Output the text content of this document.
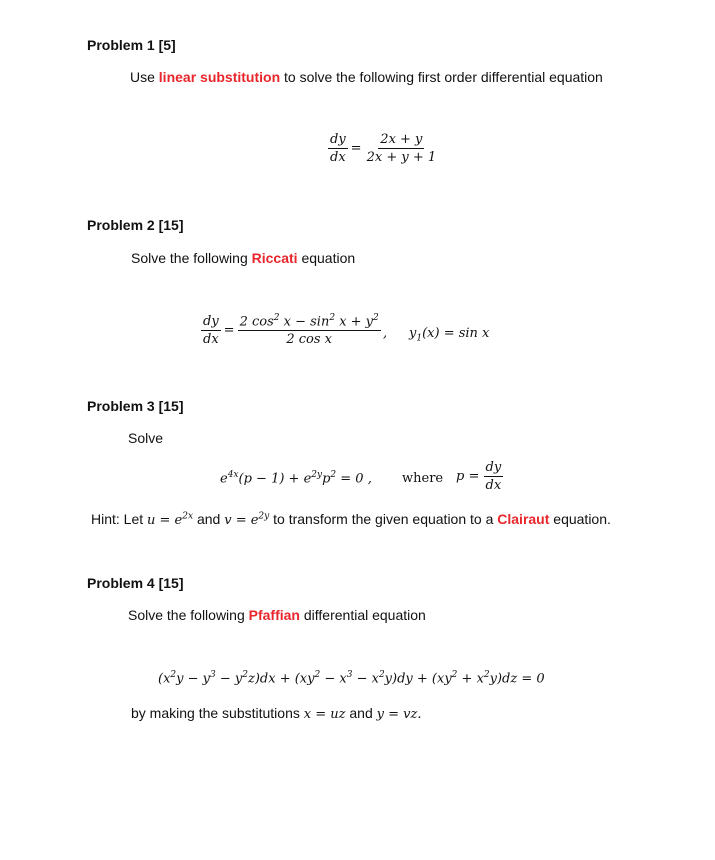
Problem 1 [5]
Use linear substitution to solve the following first order differential equation
$\frac{dy}{dx} = \frac{2x + y}{2x + y + 1}$
Problem 2 [15]
Solve the following Riccati equation
$\frac{dy}{dx} = \frac{2 \cos^2 x - \sin^2 x + y^2}{\text{2 cos x}}$ , $y_1(x) = \sin x$
Problem 3 [15]
Solve
$e^{4x}(p - 1) + e^{2y}p^2 = 0$ , where $p = \frac{dy}{dx}$
Hint: Let $u = e^{2x}$ and $v = e^{2y}$ to transform the given equation to a Clairaut equation.
Problem 4 [15]
Solve the following Pfaffian differential equation
$(x^2y - y^3 - y^2z)dx + (xy^2 - x^3 - x^2y)dy + (xy^2 + x^2y)dz = 0$
by making the substitutions x = uz and y = vz.
